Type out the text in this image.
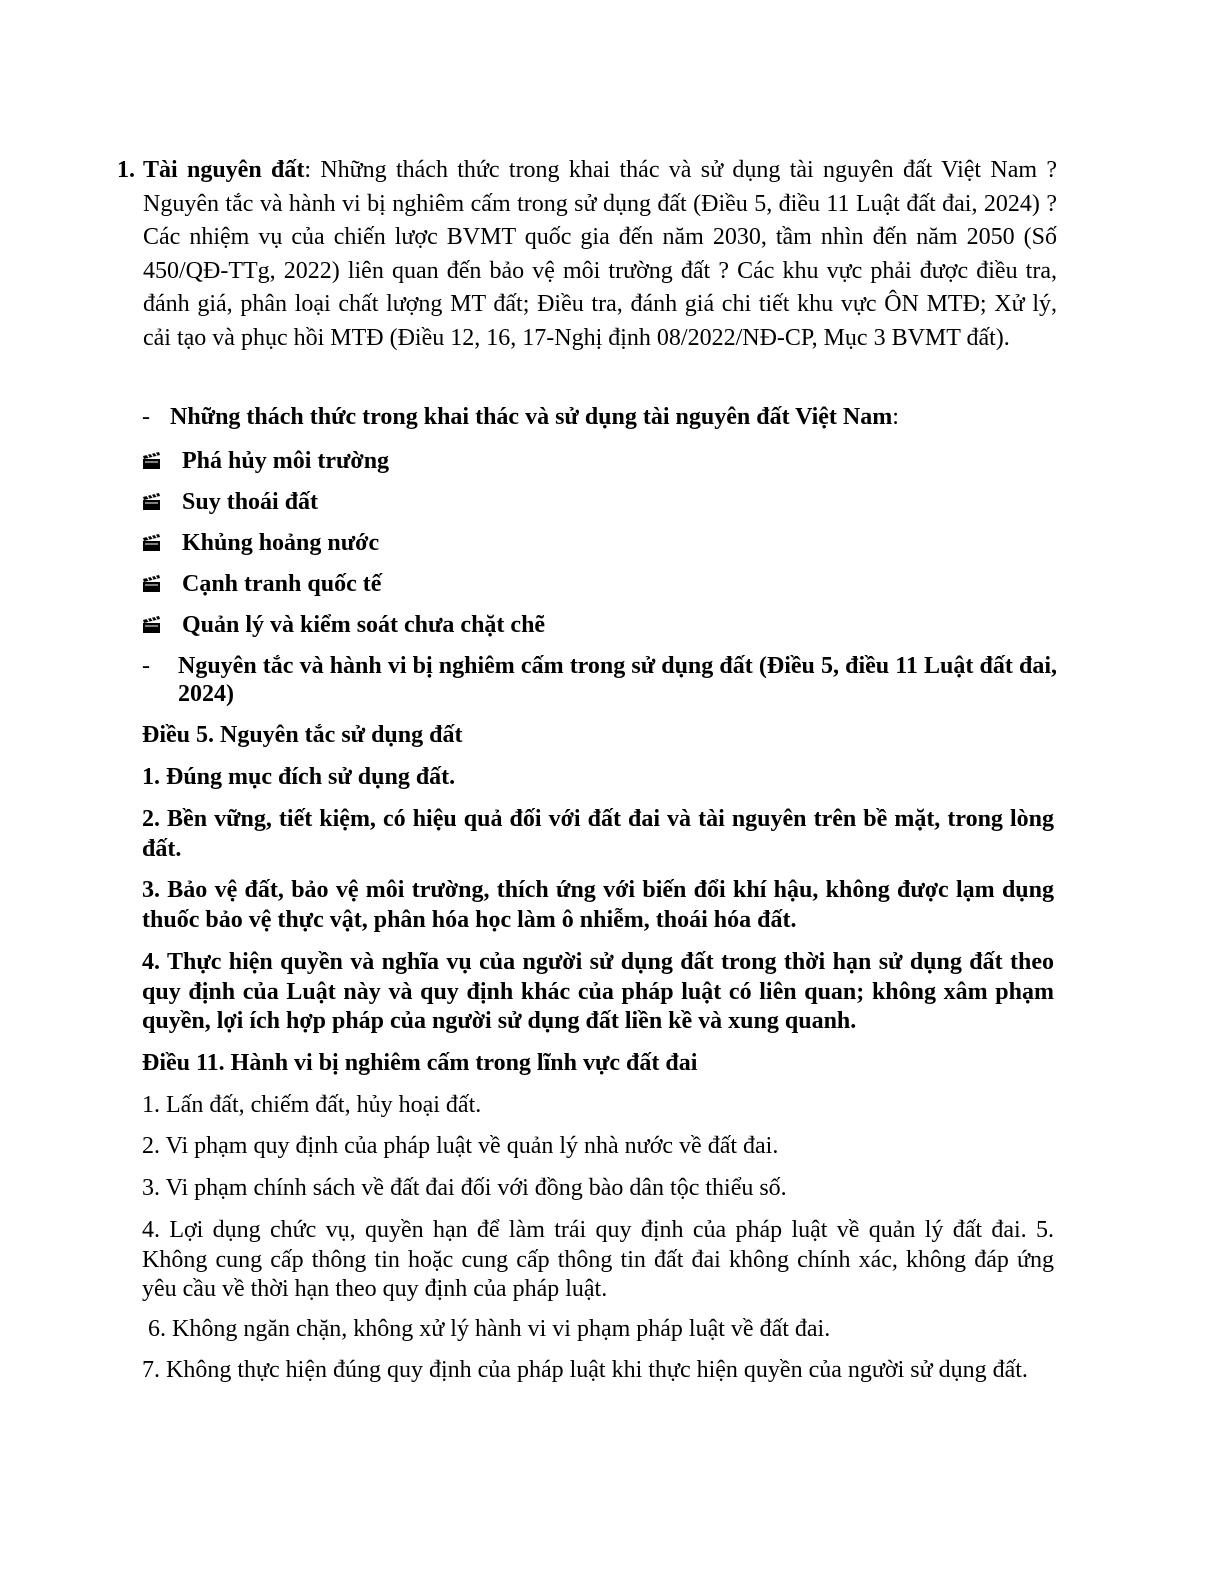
1. Tài nguyên đất: Những thách thức trong khai thác và sử dụng tài nguyên đất Việt Nam ? Nguyên tắc và hành vi bị nghiêm cấm trong sử dụng đất (Điều 5, điều 11 Luật đất đai, 2024) ? Các nhiệm vụ của chiến lược BVMT quốc gia đến năm 2030, tầm nhìn đến năm 2050 (Số 450/QĐ-TTg, 2022) liên quan đến bảo vệ môi trường đất ? Các khu vực phải được điều tra, đánh giá, phân loại chất lượng MT đất; Điều tra, đánh giá chi tiết khu vực ÔN MTĐ; Xử lý, cải tạo và phục hồi MTĐ (Điều 12, 16, 17-Nghị định 08/2022/NĐ-CP, Mục 3 BVMT đất).
- Những thách thức trong khai thác và sử dụng tài nguyên đất Việt Nam:
Phá hủy môi trường
Suy thoái đất
Khủng hoảng nước
Cạnh tranh quốc tế
Quản lý và kiểm soát chưa chặt chẽ
-	Nguyên tắc và hành vi bị nghiêm cấm trong sử dụng đất (Điều 5, điều 11 Luật đất đai, 2024)
Điều 5. Nguyên tắc sử dụng đất
1. Đúng mục đích sử dụng đất.
2. Bền vững, tiết kiệm, có hiệu quả đối với đất đai và tài nguyên trên bề mặt, trong lòng đất.
3. Bảo vệ đất, bảo vệ môi trường, thích ứng với biến đổi khí hậu, không được lạm dụng thuốc bảo vệ thực vật, phân hóa học làm ô nhiễm, thoái hóa đất.
4. Thực hiện quyền và nghĩa vụ của người sử dụng đất trong thời hạn sử dụng đất theo quy định của Luật này và quy định khác của pháp luật có liên quan; không xâm phạm quyền, lợi ích hợp pháp của người sử dụng đất liền kề và xung quanh.
Điều 11. Hành vi bị nghiêm cấm trong lĩnh vực đất đai
1. Lấn đất, chiếm đất, hủy hoại đất.
2. Vi phạm quy định của pháp luật về quản lý nhà nước về đất đai.
3. Vi phạm chính sách về đất đai đối với đồng bào dân tộc thiểu số.
4. Lợi dụng chức vụ, quyền hạn để làm trái quy định của pháp luật về quản lý đất đai. 5. Không cung cấp thông tin hoặc cung cấp thông tin đất đai không chính xác, không đáp ứng yêu cầu về thời hạn theo quy định của pháp luật.
6. Không ngăn chặn, không xử lý hành vi vi phạm pháp luật về đất đai.
7. Không thực hiện đúng quy định của pháp luật khi thực hiện quyền của người sử dụng đất.
